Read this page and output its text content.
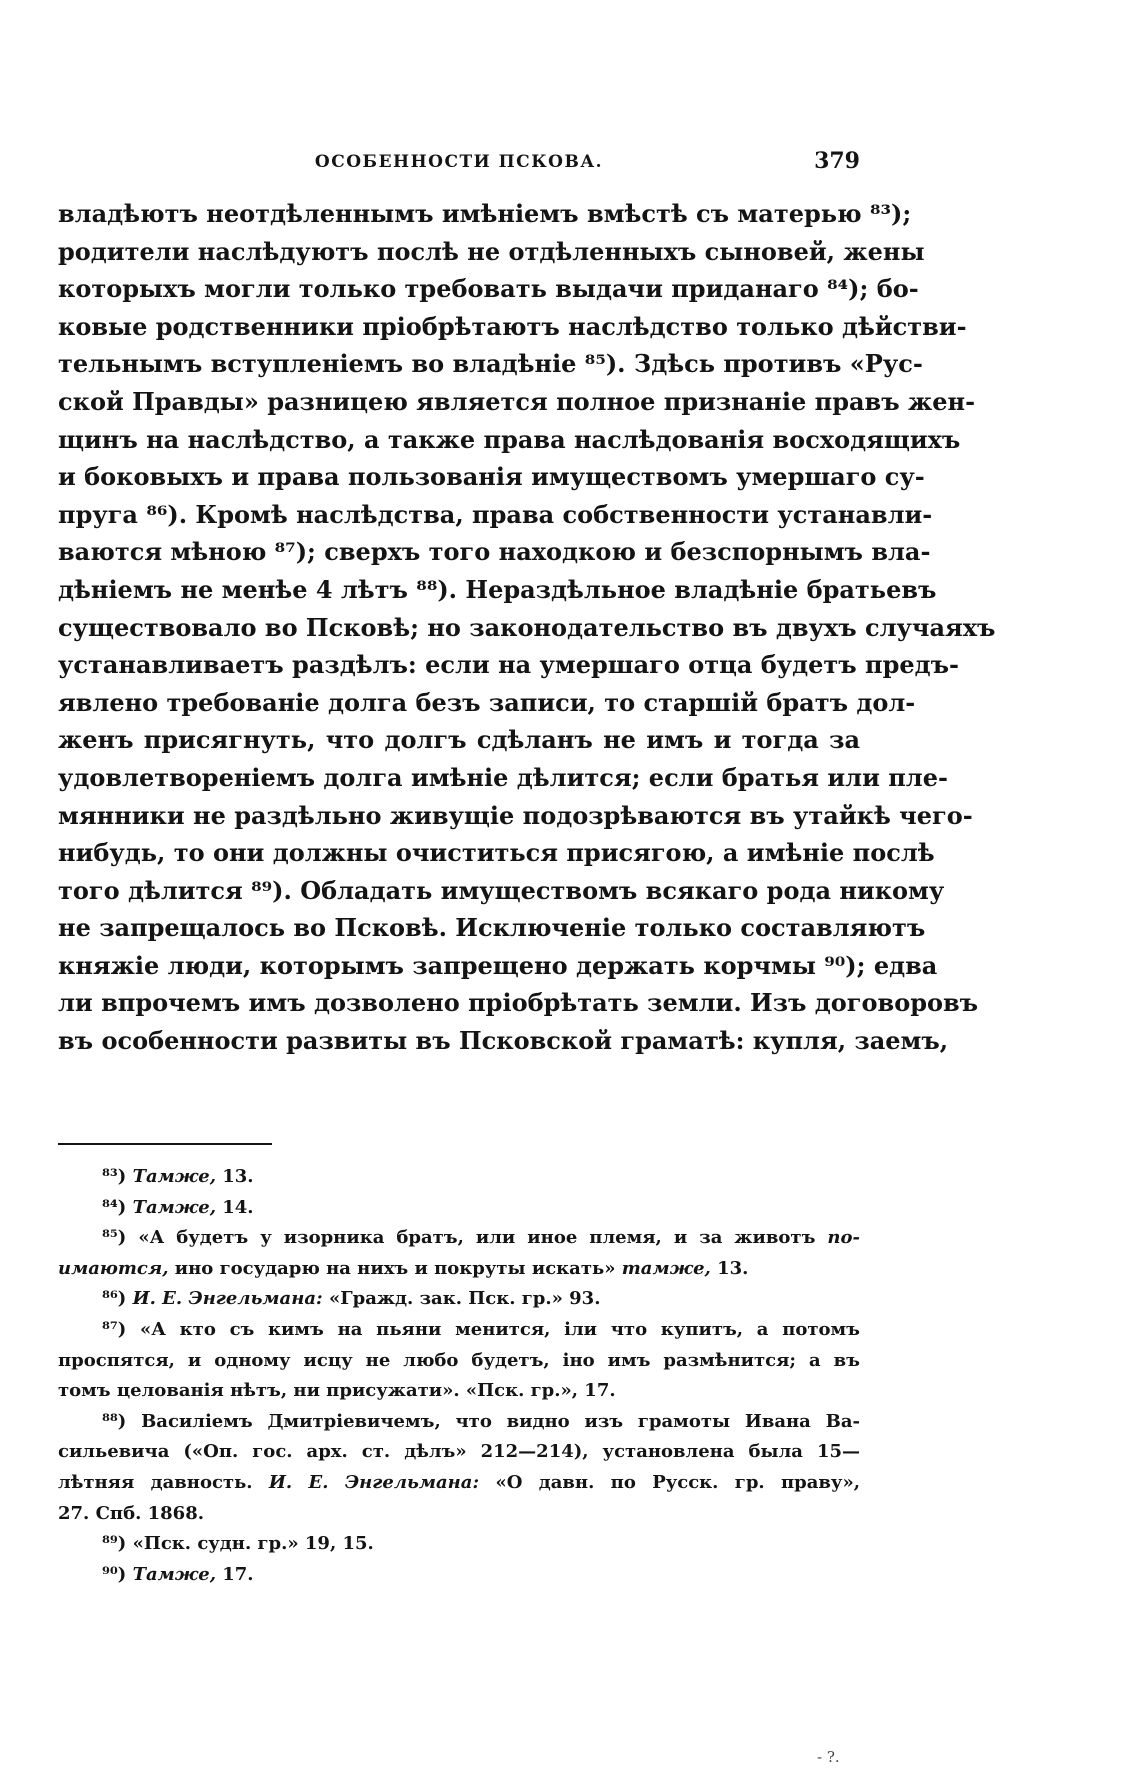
ОСОБЕННОСТИ ПСКОВА.	379
владѣютъ неотдѣленнымъ имѣніемъ вмѣстѣ съ матерью ⁸³);
родители наслѣдуютъ послѣ не отдѣленныхъ сыновей, жены
которыхъ могли только требовать выдачи приданаго ⁸⁴); бо-
ковые родственники пріобрѣтаютъ наслѣдство только дѣйстви-
тельнымъ вступленіемъ во владѣніе ⁸⁵). Здѣсь противъ «Рус-
ской Правды» разницею является полное признаніе правъ жен-
щинъ на наслѣдство, а также права наслѣдованія восходящихъ
и боковыхъ и права пользованія имуществомъ умершаго су-
пруга ⁸⁶). Кромѣ наслѣдства, права собственности устанавли-
ваются мѣною ⁸⁷); сверхъ того находкою и безспорнымъ вла-
дѣніемъ не менѣе 4 лѣтъ ⁸⁸). Нераздѣльное владѣніе братьевъ
существовало во Псковѣ; но законодательство въ двухъ случаяхъ
устанавливаетъ раздѣлъ: если на умершаго отца будетъ предъ-
явлено требованіе долга безъ записи, то старшій братъ дол-
женъ присягнуть, что долгъ сдѣланъ не имъ и тогда за
удовлетвореніемъ долга имѣніе дѣлится; если братья или пле-
мянники не раздѣльно живущіе подозрѣваются въ утайкѣ чего-
нибудь, то они должны очиститься присягою, а имѣніе послѣ
того дѣлится ⁸⁹). Обладать имуществомъ всякаго рода никому
не запрещалось во Псковѣ. Исключеніе только составляютъ
княжіе люди, которымъ запрещено держать корчмы ⁹⁰); едва
ли впрочемъ имъ дозволено пріобрѣтать земли. Изъ договоровъ
въ особенности развиты въ Псковской граматѣ: купля, заемъ,
⁸³) Тамже, 13.
⁸⁴) Тамже, 14.
⁸⁵) «А будетъ у изорника братъ, или иное племя, и за животъ по-
имаются, ино государю на нихъ и покруты искать» тамже, 13.
⁸⁶) И. Е. Энгельмана: «Гражд. зак. Пск. гр.» 93.
⁸⁷) «А кто съ кимъ на пьяни менится, іли что купитъ, а потомъ
проспятся, и одному исцу не любо будетъ, іно имъ размѣнится; а въ
томъ целованія нѣтъ, ни присужати». «Пск. гр.», 17.
⁸⁸) Василіемъ Дмитріевичемъ, что видно изъ грамоты Ивана Ва-
сильевича («Оп. гос. арх. ст. дѣлъ» 212—214), установлена была 15—
лѣтняя давность. И. Е. Энгельмана: «О давн. по Русск. гр. праву»,
27. Спб. 1868.
⁸⁹) «Пск. судн. гр.» 19, 15.
⁹⁰) Тамже, 17.
- ?.
